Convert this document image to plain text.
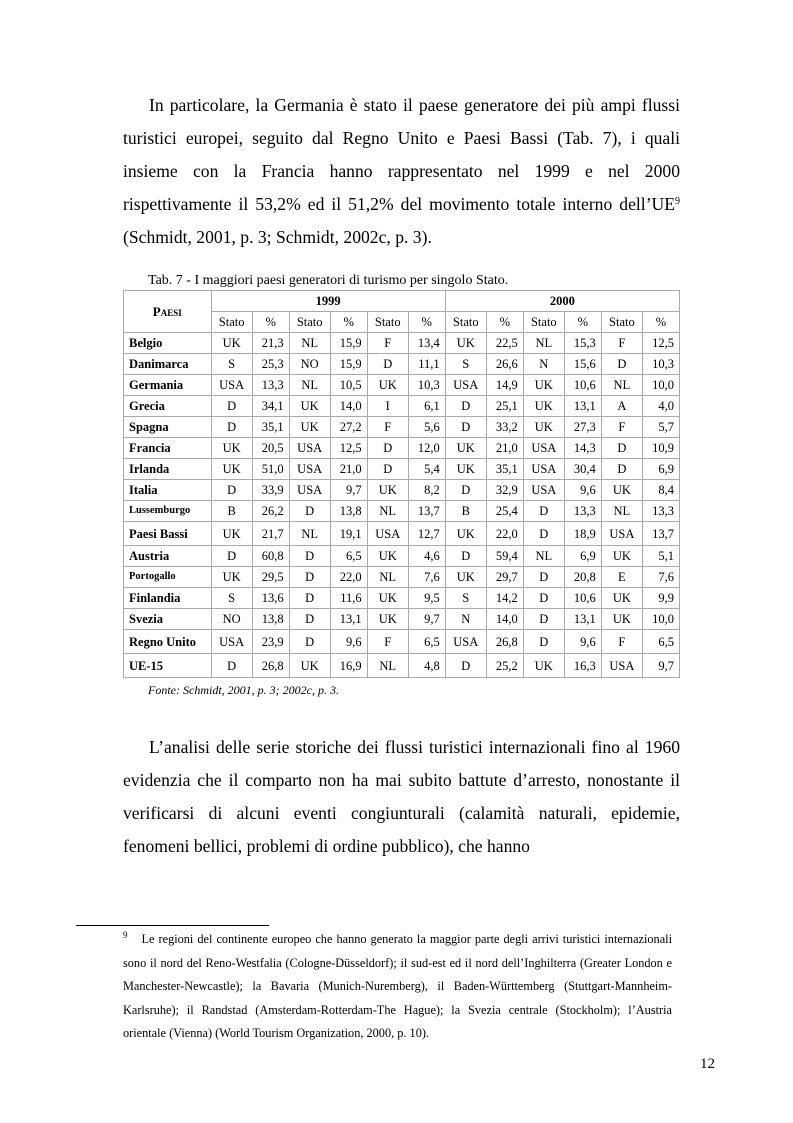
In particolare, la Germania è stato il paese generatore dei più ampi flussi turistici europei, seguito dal Regno Unito e Paesi Bassi (Tab. 7), i quali insieme con la Francia hanno rappresentato nel 1999 e nel 2000 rispettivamente il 53,2% ed il 51,2% del movimento totale interno $dell’UE^9$ (Schmidt, 2001, p. 3; Schmidt, 2002c, p. 3).

Tab. 7 - I maggiori paesi generatori di turismo per singolo Stato.
Paesi	1999						2000					
	Stato	%	Stato	%	Stato	%	Stato	%	Stato	%	Stato	%
Belgio	UK	21,3	NL	15,9	F	13,4	UK	22,5	NL	15,3	F	12,5
Danimarca	S	25,3	NO	15,9	D	11,1	S	26,6	N	15,6	D	10,3
Germania	USA	13,3	NL	10,5	UK	10,3	USA	14,9	UK	10,6	NL	10,0
Grecia	D	34,1	UK	14,0	I	6,1	D	25,1	UK	13,1	A	4,0
Spagna	D	35,1	UK	27,2	F	5,6	D	33,2	UK	27,3	F	5,7
Francia	UK	20,5	USA	12,5	D	12,0	UK	21,0	USA	14,3	D	10,9
Irlanda	UK	51,0	USA	21,0	D	5,4	UK	35,1	USA	30,4	D	6,9
Italia	D	33,9	USA	9,7	UK	8,2	D	32,9	USA	9,6	UK	8,4
Lussemburgo	B	26,2	D	13,8	NL	13,7	B	25,4	D	13,3	NL	13,3
Paesi Bassi	UK	21,7	NL	19,1	USA	12,7	UK	22,0	D	18,9	USA	13,7
Austria	D	60,8	D	6,5	UK	4,6	D	59,4	NL	6,9	UK	5,1
Portogallo	UK	29,5	D	22,0	NL	7,6	UK	29,7	D	20,8	E	7,6
Finlandia	S	13,6	D	11,6	UK	9,5	S	14,2	D	10,6	UK	9,9
Svezia	NO	13,8	D	13,1	UK	9,7	N	14,0	D	13,1	UK	10,0
Regno Unito	USA	23,9	D	9,6	F	6,5	USA	26,8	D	9,6	F	6,5
UE-15	D	26,8	UK	16,9	NL	4,8	D	25,2	UK	16,3	USA	9,7
Fonte: Schmidt, 2001, p. 3; 2002c, p. 3.

L’analisi delle serie storiche dei flussi turistici internazionali fino al 1960 evidenzia che il comparto non ha mai subito battute d’arresto, nonostante il verificarsi di alcuni eventi congiunturali (calamità naturali, epidemie, fenomeni bellici, problemi di ordine pubblico), che hanno

$^9$ Le regioni del continente europeo che hanno generato la maggior parte degli arrivi turistici internazionali sono il nord del Reno-Westfalia (Cologne-Düsseldorf); il sud-est ed il nord dell’Inghilterra (Greater London e Manchester-Newcastle); la Bavaria (Munich-Nuremberg), il Baden-Württemberg (Stuttgart-Mannheim-Karlsruhe); il Randstad (Amsterdam-Rotterdam-The Hague); la Svezia centrale (Stockholm); l’Austria orientale (Vienna) (World Tourism Organization, 2000, p. 10).

12
